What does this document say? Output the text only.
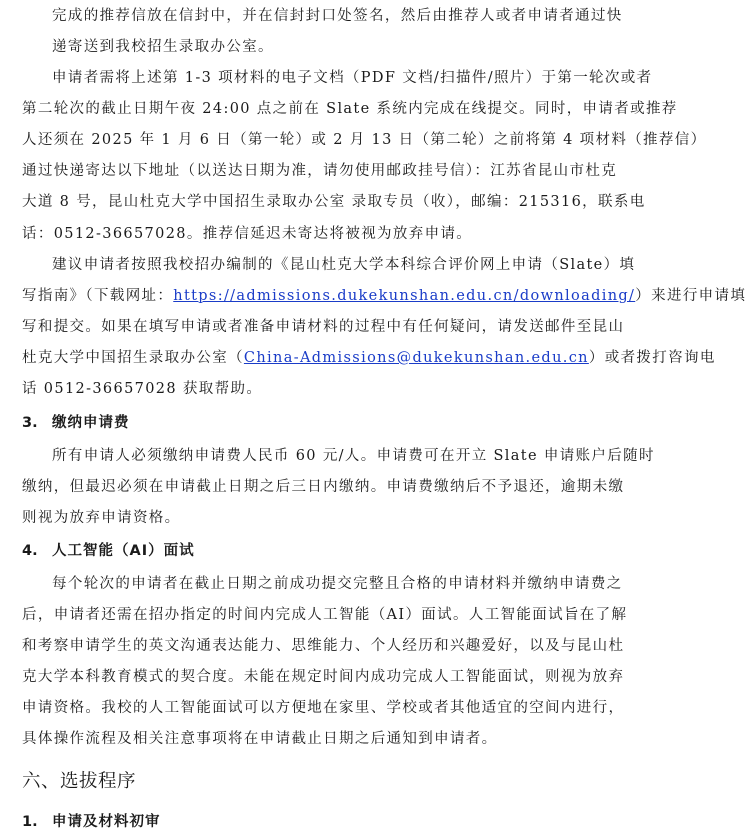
完成的推荐信放在信封中，并在信封封口处签名，然后由推荐人或者申请者通过快
递寄送到我校招生录取办公室。
申请者需将上述第 1-3 项材料的电子文档（PDF 文档/扫描件/照片）于第一轮次或者
第二轮次的截止日期午夜 24:00 点之前在 Slate 系统内完成在线提交。同时，申请者或推荐
人还须在 2025 年 1 月 6 日（第一轮）或 2 月 13 日（第二轮）之前将第 4 项材料（推荐信）
通过快递寄达以下地址（以送达日期为准，请勿使用邮政挂号信）：江苏省昆山市杜克
大道 8 号，昆山杜克大学中国招生录取办公室 录取专员（收），邮编：215316，联系电
话：0512-36657028。推荐信延迟未寄达将被视为放弃申请。
建议申请者按照我校招办编制的《昆山杜克大学本科综合评价网上申请（Slate）填
写指南》（下载网址：https://admissions.dukekunshan.edu.cn/downloading/）来进行申请填
写和提交。如果在填写申请或者准备申请材料的过程中有任何疑问，请发送邮件至昆山
杜克大学中国招生录取办公室（China-Admissions@dukekunshan.edu.cn）或者拨打咨询电
话 0512-36657028 获取帮助。
3. 缴纳申请费
所有申请人必须缴纳申请费人民币 60 元/人。申请费可在开立 Slate 申请账户后随时
缴纳，但最迟必须在申请截止日期之后三日内缴纳。申请费缴纳后不予退还，逾期未缴
则视为放弃申请资格。
4. 人工智能（AI）面试
每个轮次的申请者在截止日期之前成功提交完整且合格的申请材料并缴纳申请费之
后，申请者还需在招办指定的时间内完成人工智能（AI）面试。人工智能面试旨在了解
和考察申请学生的英文沟通表达能力、思维能力、个人经历和兴趣爱好，以及与昆山杜
克大学本科教育模式的契合度。未能在规定时间内成功完成人工智能面试，则视为放弃
申请资格。我校的人工智能面试可以方便地在家里、学校或者其他适宜的空间内进行，
具体操作流程及相关注意事项将在申请截止日期之后通知到申请者。
六、选拔程序
1. 申请及材料初审
